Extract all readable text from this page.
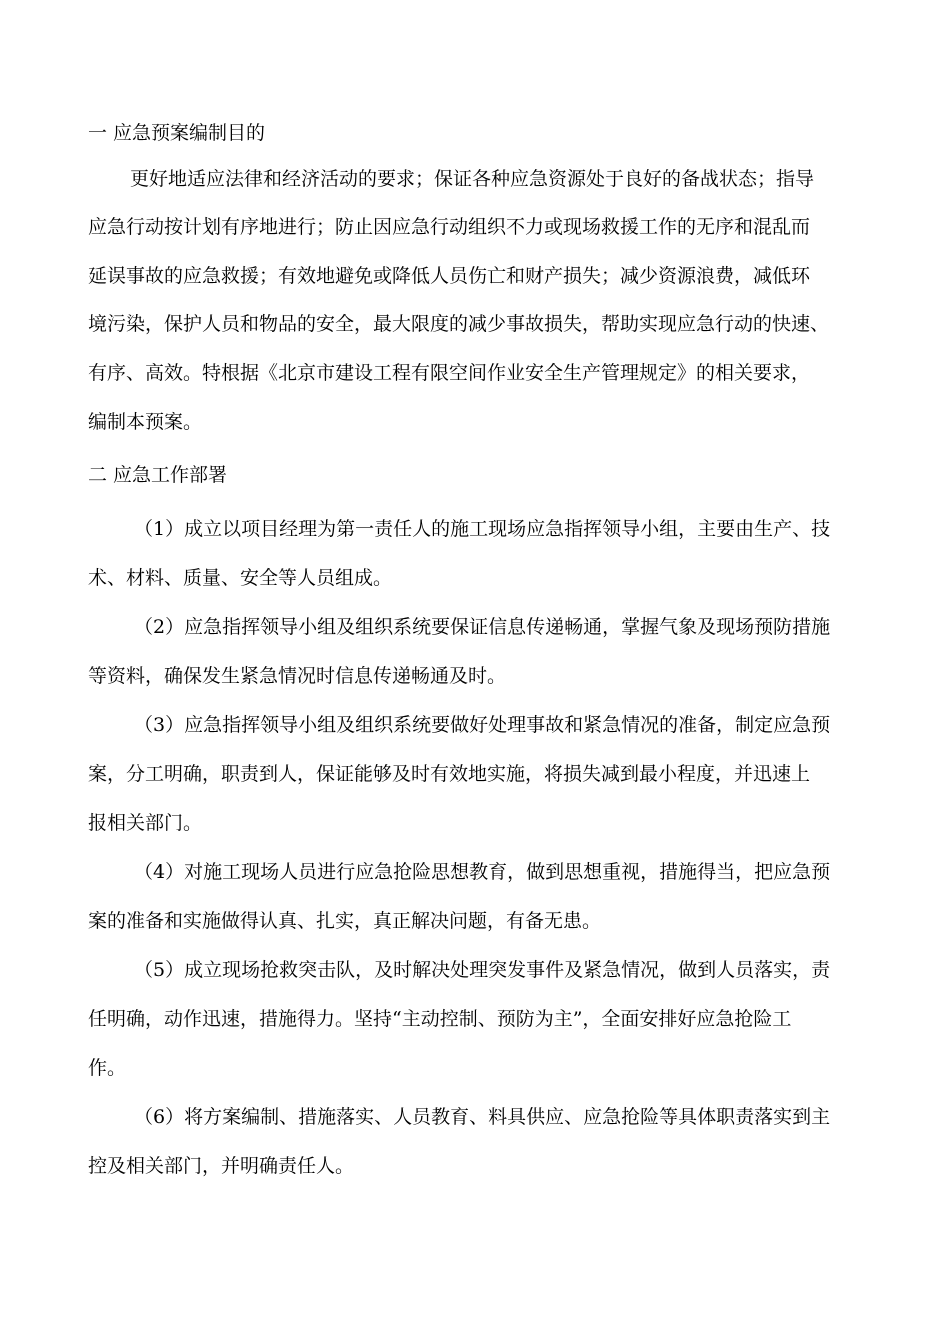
一 应急预案编制目的
更好地适应法律和经济活动的要求；保证各种应急资源处于良好的备战状态；指导
应急行动按计划有序地进行；防止因应急行动组织不力或现场救援工作的无序和混乱而
延误事故的应急救援；有效地避免或降低人员伤亡和财产损失；减少资源浪费，减低环
境污染，保护人员和物品的安全，最大限度的减少事故损失，帮助实现应急行动的快速、
有序、高效。特根据《北京市建设工程有限空间作业安全生产管理规定》的相关要求，
编制本预案。
二 应急工作部署
（1）成立以项目经理为第一责任人的施工现场应急指挥领导小组，主要由生产、技
术、材料、质量、安全等人员组成。
（2）应急指挥领导小组及组织系统要保证信息传递畅通，掌握气象及现场预防措施
等资料，确保发生紧急情况时信息传递畅通及时。
（3）应急指挥领导小组及组织系统要做好处理事故和紧急情况的准备，制定应急预
案，分工明确，职责到人，保证能够及时有效地实施，将损失减到最小程度，并迅速上
报相关部门。
（4）对施工现场人员进行应急抢险思想教育，做到思想重视，措施得当，把应急预
案的准备和实施做得认真、扎实，真正解决问题，有备无患。
（5）成立现场抢救突击队，及时解决处理突发事件及紧急情况，做到人员落实，责
任明确，动作迅速，措施得力。坚持“主动控制、预防为主”，全面安排好应急抢险工
作。
（6）将方案编制、措施落实、人员教育、料具供应、应急抢险等具体职责落实到主
控及相关部门，并明确责任人。
